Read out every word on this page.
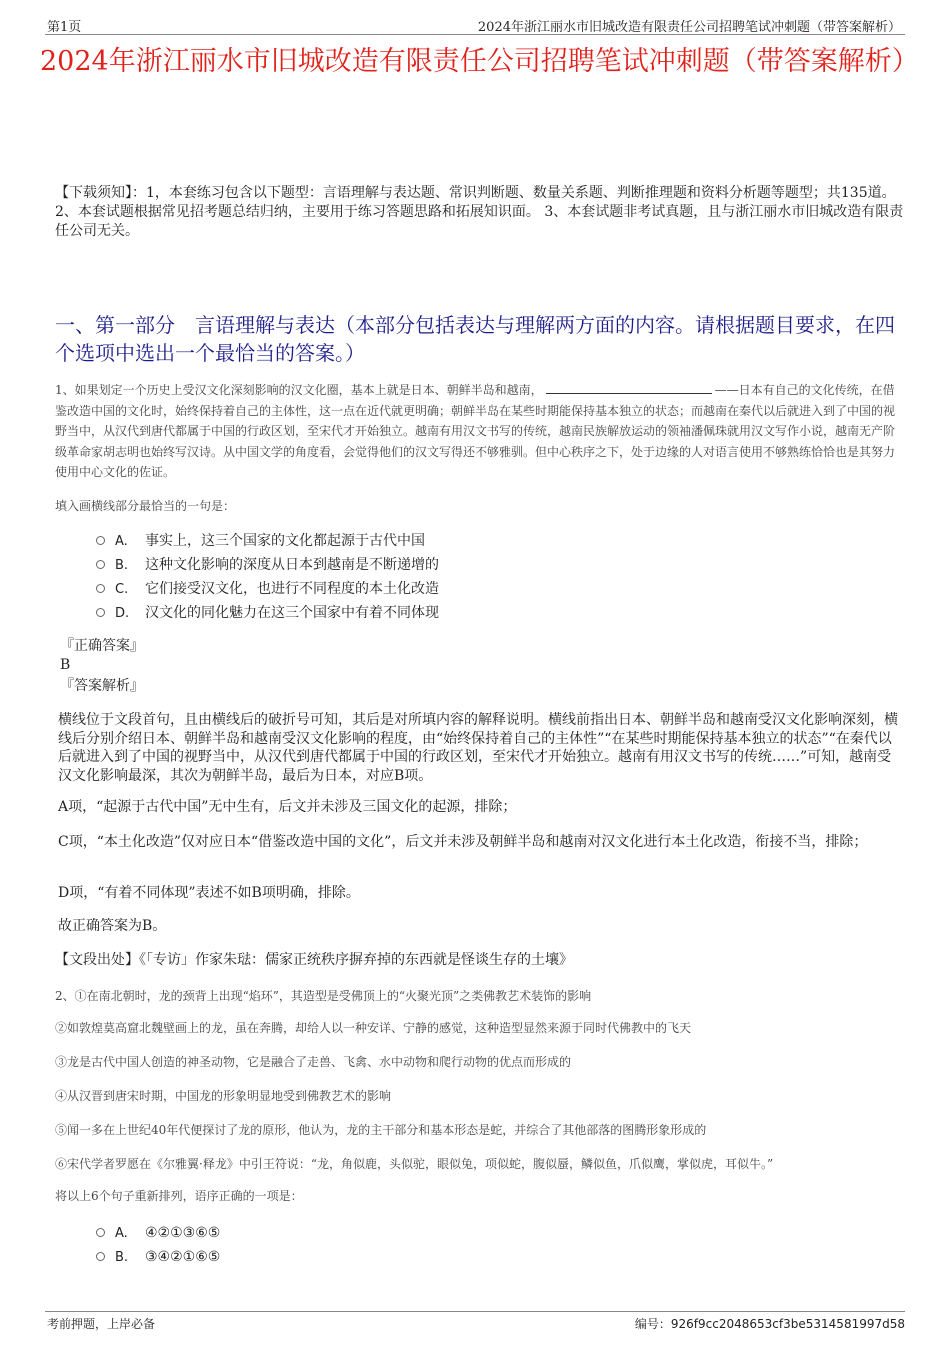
第1页	2024年浙江丽水市旧城改造有限责任公司招聘笔试冲刺题（带答案解析）
2024年浙江丽水市旧城改造有限责任公司招聘笔试冲刺题（带答案解析）
【下载须知】：1，本套练习包含以下题型：言语理解与表达题、常识判断题、数量关系题、判断推理题和资料分析题等题型；共135道。 2、本套试题根据常见招考题总结归纳，主要用于练习答题思路和拓展知识面。 3、本套试题非考试真题，且与浙江丽水市旧城改造有限责任公司无关。
一、第一部分　言语理解与表达（本部分包括表达与理解两方面的内容。请根据题目要求，在四个选项中选出一个最恰当的答案。）
1、如果划定一个历史上受汉文化深刻影响的汉文化圈，基本上就是日本、朝鲜半岛和越南，	——日本有自己的文化传统，在借鉴改造中国的文化时，始终保持着自己的主体性，这一点在近代就更明确；朝鲜半岛在某些时期能保持基本独立的状态；而越南在秦代以后就进入到了中国的视野当中，从汉代到唐代都属于中国的行政区划，至宋代才开始独立。越南有用汉文书写的传统，越南民族解放运动的领袖潘佩珠就用汉文写作小说，越南无产阶级革命家胡志明也始终写汉诗。从中国文学的角度看，会觉得他们的汉文写得还不够雅驯。但中心秩序之下，处于边缘的人对语言使用不够熟练恰恰也是其努力使用中心文化的佐证。
填入画横线部分最恰当的一句是：
A. 事实上，这三个国家的文化都起源于古代中国
B. 这种文化影响的深度从日本到越南是不断递增的
C. 它们接受汉文化，也进行不同程度的本土化改造
D. 汉文化的同化魅力在这三个国家中有着不同体现
『正确答案』
B
『答案解析』
横线位于文段首句，且由横线后的破折号可知，其后是对所填内容的解释说明。横线前指出日本、朝鲜半岛和越南受汉文化影响深刻，横线后分别介绍日本、朝鲜半岛和越南受汉文化影响的程度，由“始终保持着自己的主体性”“在某些时期能保持基本独立的状态”“在秦代以后就进入到了中国的视野当中，从汉代到唐代都属于中国的行政区划，至宋代才开始独立。越南有用汉文书写的传统……”可知，越南受汉文化影响最深，其次为朝鲜半岛，最后为日本，对应B项。
A项，“起源于古代中国”无中生有，后文并未涉及三国文化的起源，排除；
C项，“本土化改造”仅对应日本“借鉴改造中国的文化”，后文并未涉及朝鲜半岛和越南对汉文化进行本土化改造，衔接不当，排除；
D项，“有着不同体现”表述不如B项明确，排除。
故正确答案为B。
【文段出处】《「专访」作家朱琺：儒家正统秩序摒弃掉的东西就是怪谈生存的土壤》
2、①在南北朝时，龙的颈背上出现“焰环”，其造型是受佛顶上的“火聚光顶”之类佛教艺术装饰的影响
②如敦煌莫高窟北魏壁画上的龙，虽在奔腾，却给人以一种安详、宁静的感觉，这种造型显然来源于同时代佛教中的飞天
③龙是古代中国人创造的神圣动物，它是融合了走兽、飞禽、水中动物和爬行动物的优点而形成的
④从汉晋到唐宋时期，中国龙的形象明显地受到佛教艺术的影响
⑤闻一多在上世纪40年代便探讨了龙的原形，他认为，龙的主干部分和基本形态是蛇，并综合了其他部落的图腾形象形成的
⑥宋代学者罗愿在《尔雅翼·释龙》中引王符说：“龙，角似鹿，头似驼，眼似兔，项似蛇，腹似蜃，鳞似鱼，爪似鹰，掌似虎，耳似牛。”
将以上6个句子重新排列，语序正确的一项是：
A. ④②①③⑥⑤
B. ③④②①⑥⑤
考前押题，上岸必备	编号：926f9cc2048653cf3be5314581997d58
